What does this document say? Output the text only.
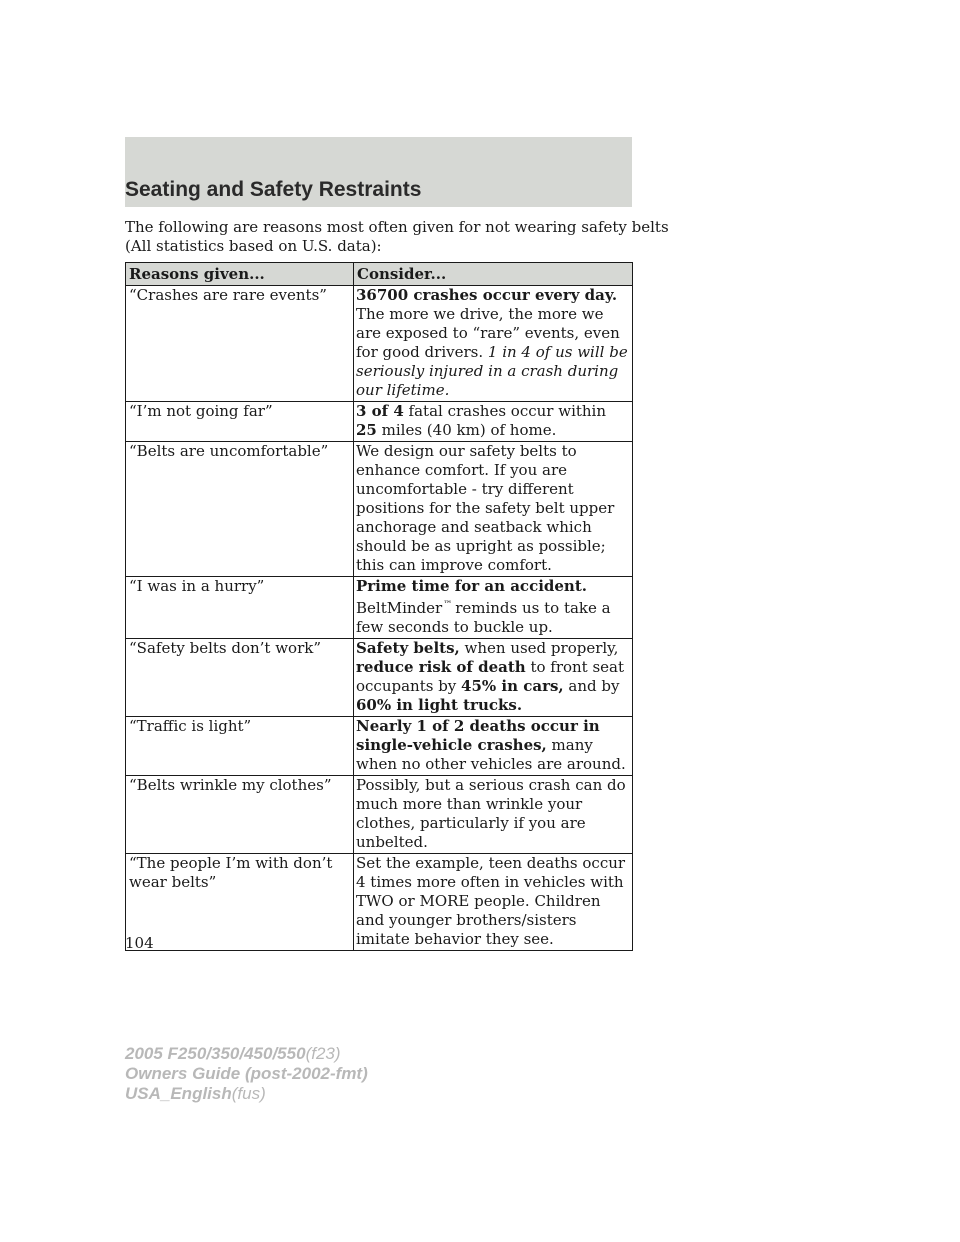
Seating and Safety Restraints
The following are reasons most often given for not wearing safety belts
(All statistics based on U.S. data):
Reasons given...	Consider...
“Crashes are rare events”	36700 crashes occur every day. The more we drive, the more we are exposed to “rare” events, even for good drivers. 1 in 4 of us will be seriously injured in a crash during our lifetime.
“I’m not going far”	3 of 4 fatal crashes occur within 25 miles (40 km) of home.
“Belts are uncomfortable”	We design our safety belts to enhance comfort. If you are uncomfortable - try different positions for the safety belt upper anchorage and seatback which should be as upright as possible; this can improve comfort.
“I was in a hurry”	Prime time for an accident. BeltMinder™ reminds us to take a few seconds to buckle up.
“Safety belts don’t work”	Safety belts, when used properly, reduce risk of death to front seat occupants by 45% in cars, and by 60% in light trucks.
“Traffic is light”	Nearly 1 of 2 deaths occur in single-vehicle crashes, many when no other vehicles are around.
“Belts wrinkle my clothes”	Possibly, but a serious crash can do much more than wrinkle your clothes, particularly if you are unbelted.
“The people I’m with don’t wear belts”	Set the example, teen deaths occur 4 times more often in vehicles with TWO or MORE people. Children and younger brothers/sisters imitate behavior they see.
104
2005 F250/350/450/550(f23)
Owners Guide (post-2002-fmt)
USA_English(fus)
